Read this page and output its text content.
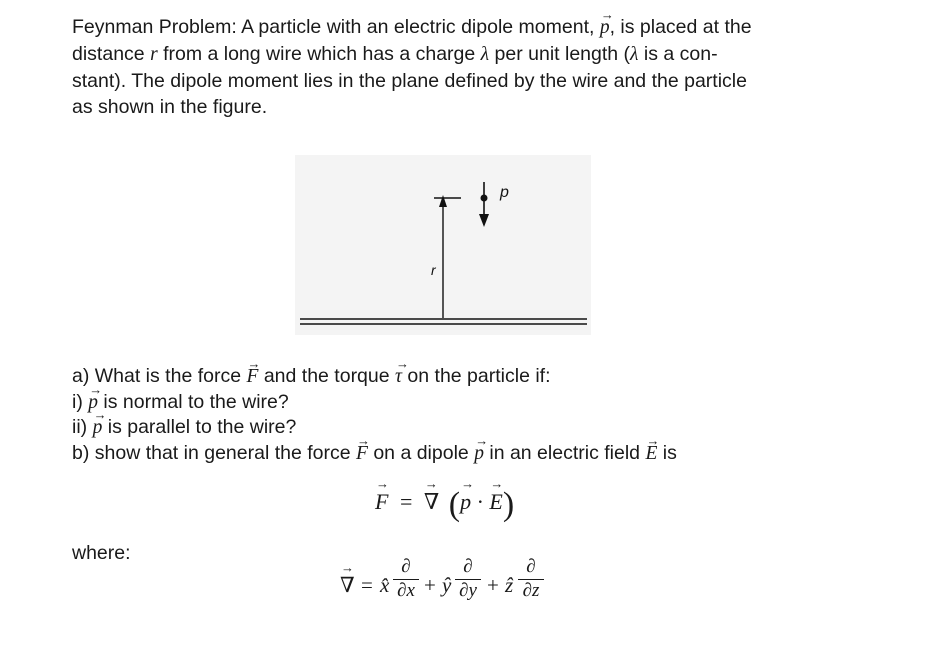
Feynman Problem: A particle with an electric dipole moment, → p, is placed at the
distance r from a long wire which has a charge λ per unit length (λ is a con-
stant). The dipole moment lies in the plane defined by the wire and the particle
as shown in the figure.
p
r
a) What is the force → F and the torque → τ on the particle if:
i) → p is normal to the wire?
ii) → p is parallel to the wire?
b) show that in general the force → F on a dipole → p in an electric field → E is
→ F = → ∇ (→ p · → E)
where:
→ ∇ = x̂
∂
∂x + ŷ
∂
∂y + ẑ
∂
∂z
